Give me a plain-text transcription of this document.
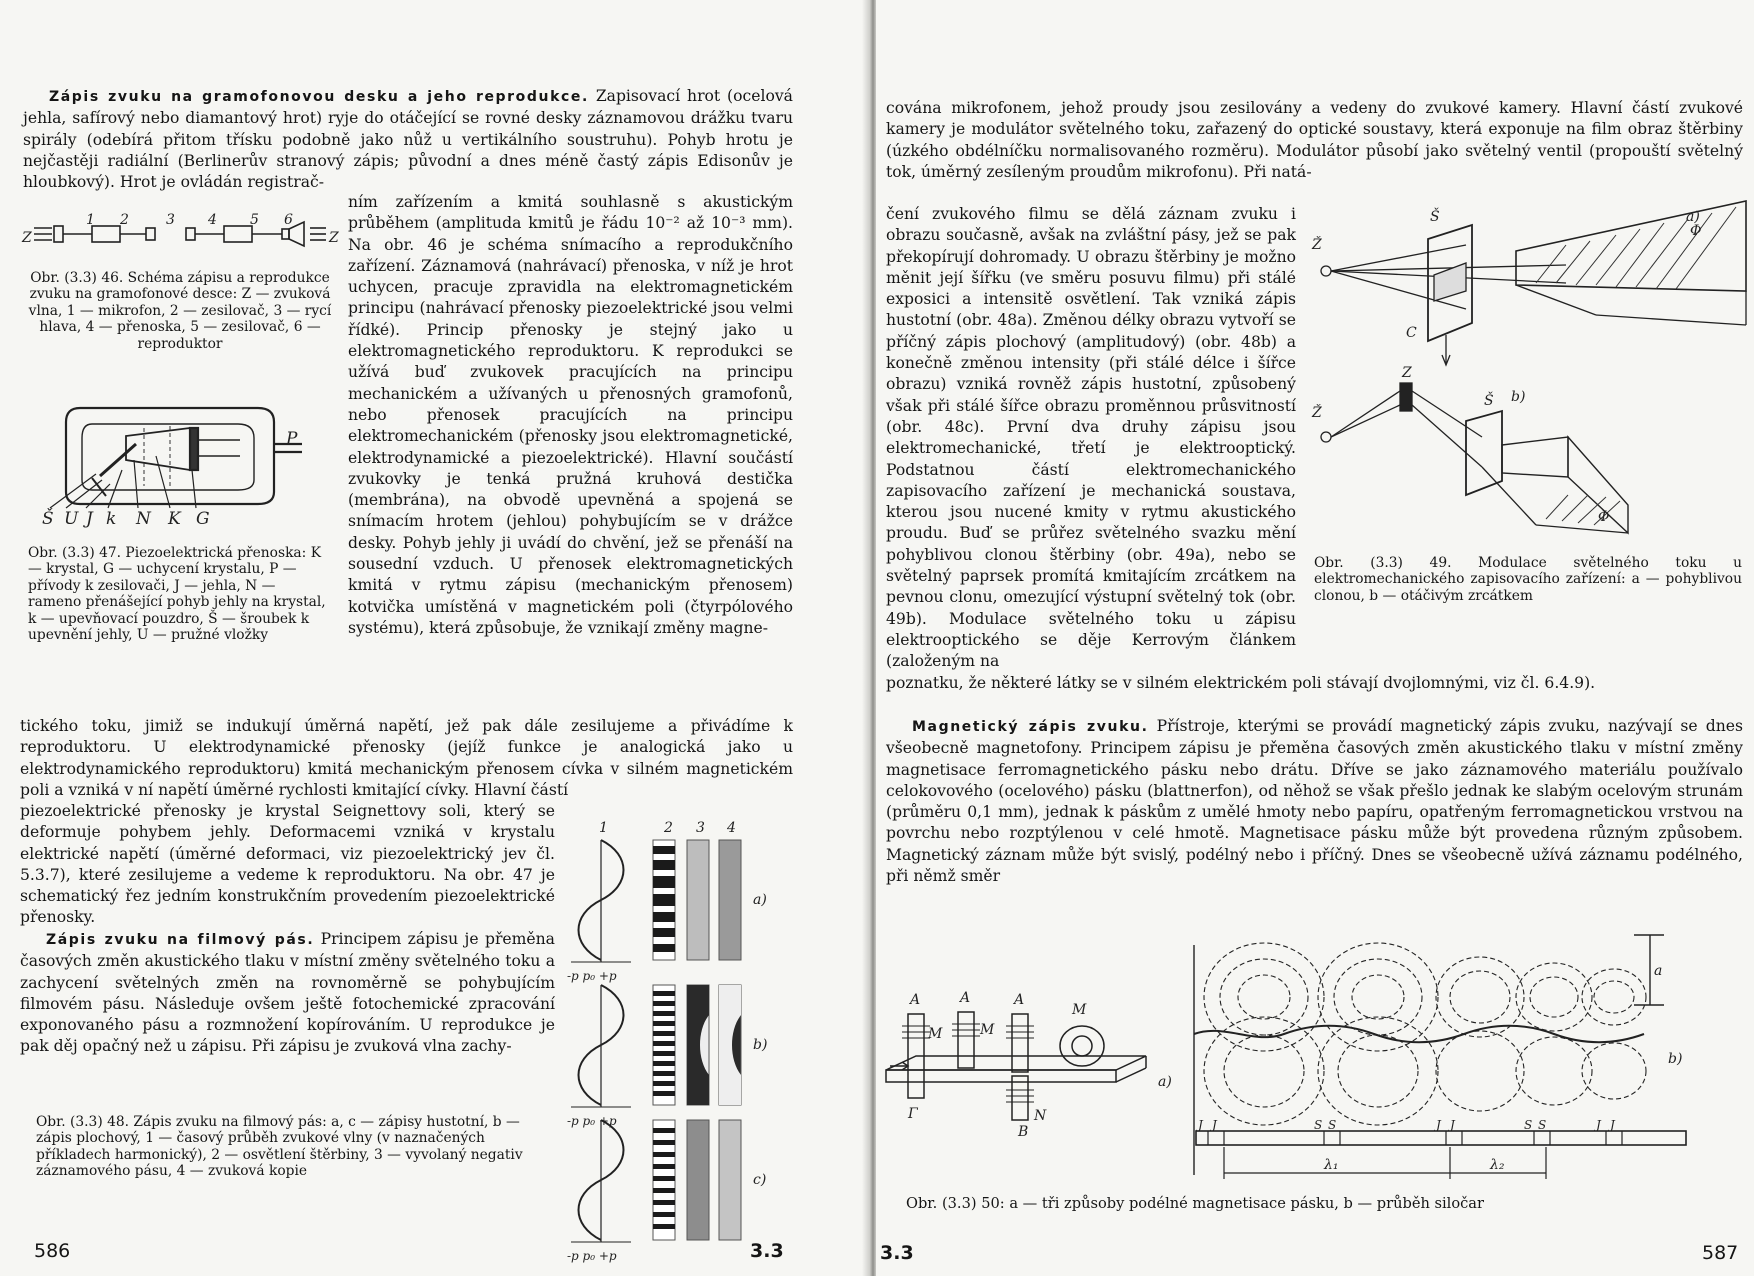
Zápis zvuku na gramofonovou desku a jeho reprodukce. Zapisovací hrot (ocelová jehla, safírový nebo diamantový hrot) ryje do otáčející se rovné desky záznamovou drážku tvaru spirály (odebírá přitom třísku podobně jako nůž u vertikálního soustruhu). Pohyb hrotu je nejčastěji radiální (Berlinerův stranový zápis; původní a dnes méně častý zápis Edisonův je hloubkový). Hrot je ovládán registrač-

ním zařízením a kmitá souhlasně s akustickým průběhem (amplituda kmitů je řádu 10⁻² až 10⁻³ mm). Na obr. 46 je schéma snímacího a reprodukčního zařízení. Záznamová (nahrávací) přenoska, v níž je hrot uchycen, pracuje zpravidla na elektromagnetickém principu (nahrávací přenosky piezoelektrické jsou velmi řídké). Princip přenosky je stejný jako u elektromagnetického reproduktoru. K reprodukci se užívá buď zvukovek pracujících na principu mechanickém a užívaných u přenosných gramofonů, nebo přenosek pracujících na principu elektromechanickém (přenosky jsou elektromagnetické, elektrodynamické a piezoelektrické). Hlavní součástí zvukovky je tenká pružná kruhová destička (membrána), na obvodě upevněná a spojená se snímacím hrotem (jehlou) pohybujícím se v drážce desky. Pohyb jehly ji uvádí do chvění, jež se přenáší na sousední vzduch. U přenosek elektromagnetických kmitá v rytmu zápisu (mechanickým přenosem) kotvička umístěná v magnetickém poli (čtyrpólového systému), která způsobuje, že vznikají změny magne-

Z
1 2	3 4 5 6
Z

Obr. (3.3) 46. Schéma zápisu a reprodukce zvuku na gramofonové desce: Z — zvuková vlna, 1 — mikrofon, 2 — zesilovač, 3 — rycí hlava, 4 — přenoska, 5 — zesilovač, 6 — reproduktor

Š U J k N K G
P

Obr. (3.3) 47. Piezoelektrická přenoska: K — krystal, G — uchycení krystalu, P — přívody k zesilovači, J — jehla, N — rameno přenášející pohyb jehly na krystal, k — upevňovací pouzdro, Š — šroubek k upevnění jehly, U — pružné vložky

tického toku, jimiž se indukují úměrná napětí, jež pak dále zesilujeme a přivádíme k reproduktoru. U elektrodynamické přenosky (jejíž funkce je analogická jako u elektrodynamického reproduktoru) kmitá mechanickým přenosem cívka v silném magnetickém poli a vzniká v ní napětí úměrné rychlosti kmitající cívky. Hlavní částí

piezoelektrické přenosky je krystal Seignettovy soli, který se deformuje pohybem jehly. Deformacemi vzniká v krystalu elektrické napětí (úměrné deformaci, viz piezoelektrický jev čl. 5.3.7), které zesilujeme a vedeme k reproduktoru. Na obr. 47 je schematický řez jedním konstrukčním provedením piezoelektrické přenosky.

Zápis zvuku na filmový pás. Principem zápisu je přeměna časových změn akustického tlaku v místní změny světelného toku a zachycení světelných změn na rovnoměrně se pohybujícím filmovém pásu. Následuje ovšem ještě fotochemické zpracování exponovaného pásu a rozmnožení kopírováním. U reprodukce je pak děj opačný než u zápisu. Při zápisu je zvuková vlna zachy-

1	2 3 4
a)
-p p₀ +p
b)
-p p₀ +p
c)
-p p₀ +p

Obr. (3.3) 48. Zápis zvuku na filmový pás: a, c — zápisy hustotní, b — zápis plochový, 1 — časový průběh zvukové vlny (v naznačených příkladech harmonický), 2 — osvětlení štěrbiny, 3 — vyvolaný negativ záznamového pásu, 4 — zvuková kopie

586	3.3

cována mikrofonem, jehož proudy jsou zesilovány a vedeny do zvukové kamery. Hlavní částí zvukové kamery je modulátor světelného toku, zařazený do optické soustavy, která exponuje na film obraz štěrbiny (úzkého obdélníčku normalisovaného rozměru). Modulátor působí jako světelný ventil (propouští světelný tok, úměrný zesíleným proudům mikrofonu). Při natá-

čení zvukového filmu se dělá záznam zvuku i obrazu současně, avšak na zvláštní pásy, jež se pak překopírují dohromady. U obrazu štěrbiny je možno měnit její šířku (ve směru posuvu filmu) při stálé exposici a intensitě osvětlení. Tak vzniká zápis hustotní (obr. 48a). Změnou délky obrazu vytvoří se příčný zápis plochový (amplitudový) (obr. 48b) a konečně změnou intensity (při stálé délce i šířce obrazu) vzniká rovněž zápis hustotní, způsobený však při stálé šířce obrazu proměnnou průsvitností (obr. 48c). První dva druhy zápisu jsou elektromechanické, třetí je elektrooptický. Podstatnou částí elektromechanického zapisovacího zařízení je mechanická soustava, kterou jsou nucené kmity v rytmu akustického proudu. Buď se průřez světelného svazku mění pohyblivou clonou štěrbiny (obr. 49a), nebo se světelný paprsek promítá kmitajícím zrcátkem na pevnou clonu, omezující výstupní světelný tok (obr. 49b). Modulace světelného toku u zápisu elektrooptického se děje Kerrovým článkem (založeným na

a)
b)
Ž
Š
C
Φ
Ž
Z
Š
Φ

Obr. (3.3) 49. Modulace světelného toku u elektromechanického zapisovacího zařízení: a — pohyblivou clonou, b — otáčivým zrcátkem

poznatku, že některé látky se v silném elektrickém poli stávají dvojlomnými, viz čl. 6.4.9).

Magnetický zápis zvuku. Přístroje, kterými se provádí magnetický zápis zvuku, nazývají se dnes všeobecně magnetofony. Principem zápisu je přeměna časových změn akustického tlaku v místní změny magnetisace ferromagnetického pásku nebo drátu. Dříve se jako záznamového materiálu používalo celokovového (ocelového) pásku (blattnerfon), od něhož se však přešlo jednak ke slabým ocelovým strunám (průměru 0,1 mm), jednak k páskům z umělé hmoty nebo papíru, opatřeným ferromagnetickou vrstvou na povrchu nebo rozptýlenou v celé hmotě. Magnetisace pásku může být provedena různým způsobem. Magnetický záznam může být svislý, podélný nebo i příčný. Dnes se všeobecně užívá záznamu podélného, při němž směr

A	A	A
M	M
M
B
Γ	N
a)
a
b)
λ₁	λ₂
J J	S S	J J	S S	J J

Obr. (3.3) 50: a — tři způsoby podélné magnetisace pásku, b — průběh siločar

3.3	587
